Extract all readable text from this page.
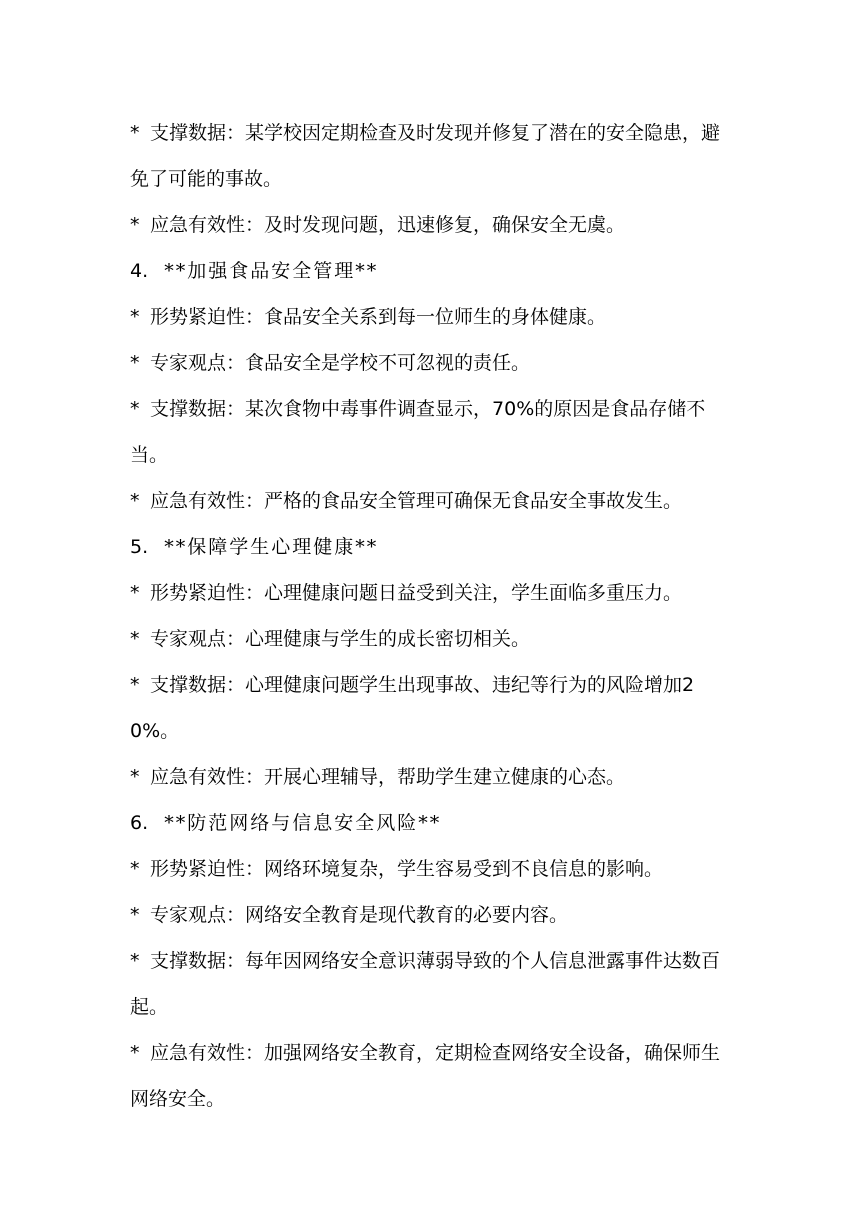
* 支撑数据：某学校因定期检查及时发现并修复了潜在的安全隐患，避免了可能的事故。

* 应急有效性：及时发现问题，迅速修复，确保安全无虞。

4. **加强食品安全管理**

* 形势紧迫性：食品安全关系到每一位师生的身体健康。

* 专家观点：食品安全是学校不可忽视的责任。

* 支撑数据：某次食物中毒事件调查显示，70%的原因是食品存储不当。

* 应急有效性：严格的食品安全管理可确保无食品安全事故发生。

5. **保障学生心理健康**

* 形势紧迫性：心理健康问题日益受到关注，学生面临多重压力。

* 专家观点：心理健康与学生的成长密切相关。

* 支撑数据：心理健康问题学生出现事故、违纪等行为的风险增加20%。

* 应急有效性：开展心理辅导，帮助学生建立健康的心态。

6. **防范网络与信息安全风险**

* 形势紧迫性：网络环境复杂，学生容易受到不良信息的影响。

* 专家观点：网络安全教育是现代教育的必要内容。

* 支撑数据：每年因网络安全意识薄弱导致的个人信息泄露事件达数百起。

* 应急有效性：加强网络安全教育，定期检查网络安全设备，确保师生网络安全。
